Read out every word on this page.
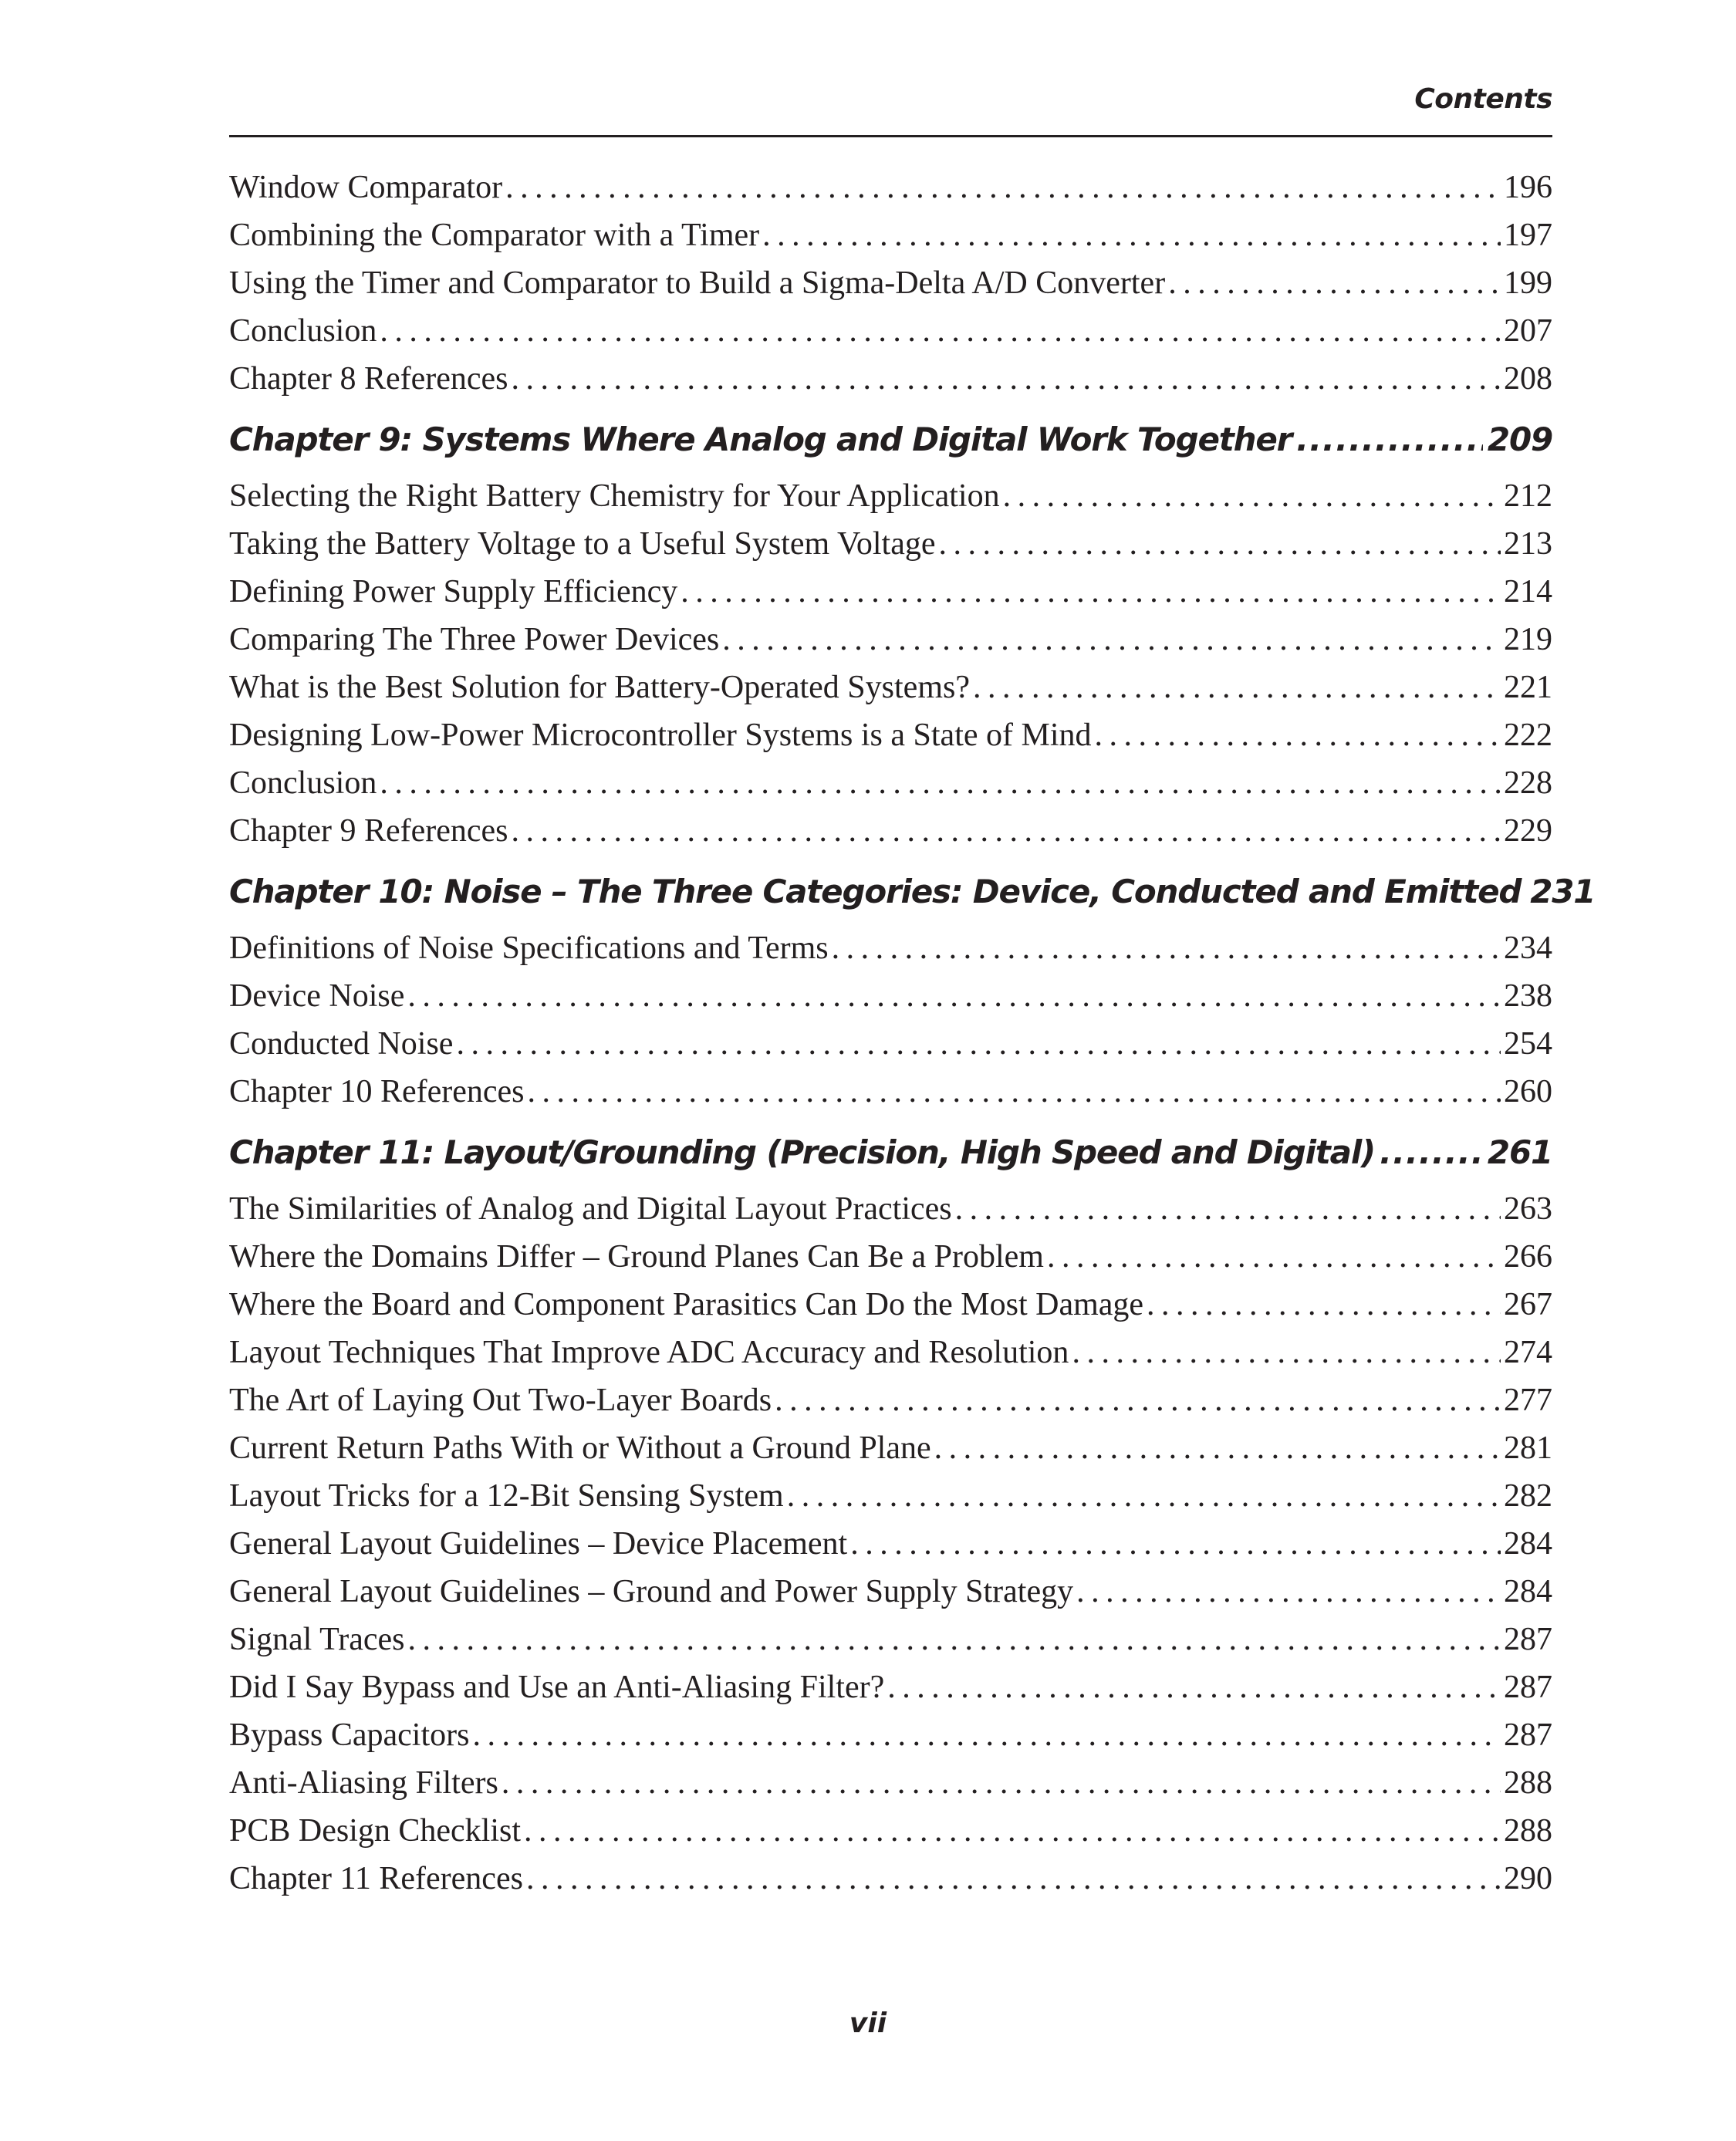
Contents
Window Comparator . . .	196
Combining the Comparator with a Timer . . .	197
Using the Timer and Comparator to Build a Sigma-Delta A/D Converter . . .	199
Conclusion . . .	207
Chapter 8 References . . .	208
Chapter 9: Systems Where Analog and Digital Work Together .....	209
Selecting the Right Battery Chemistry for Your Application . . .	212
Taking the Battery Voltage to a Useful System Voltage . . .	213
Defining Power Supply Efficiency . . .	214
Comparing The Three Power Devices . . .	219
What is the Best Solution for Battery-Operated Systems? . . .	221
Designing Low-Power Microcontroller Systems is a State of Mind . . .	222
Conclusion . . .	228
Chapter 9 References . . .	229
Chapter 10: Noise – The Three Categories: Device, Conducted and Emitted 231
Definitions of Noise Specifications and Terms . . .	234
Device Noise . . .	238
Conducted Noise . . .	254
Chapter 10 References . . .	260
Chapter 11: Layout/Grounding (Precision, High Speed and Digital) .....	261
The Similarities of Analog and Digital Layout Practices . . .	263
Where the Domains Differ – Ground Planes Can Be a Problem . . .	266
Where the Board and Component Parasitics Can Do the Most Damage . . .	267
Layout Techniques That Improve ADC Accuracy and Resolution . . .	274
The Art of Laying Out Two-Layer Boards . . .	277
Current Return Paths With or Without a Ground Plane . . .	281
Layout Tricks for a 12-Bit Sensing System . . .	282
General Layout Guidelines – Device Placement . . .	284
General Layout Guidelines – Ground and Power Supply Strategy . . .	284
Signal Traces . . .	287
Did I Say Bypass and Use an Anti-Aliasing Filter? . . .	287
Bypass Capacitors . . .	287
Anti-Aliasing Filters . . .	288
PCB Design Checklist . . .	288
Chapter 11 References . . .	290
vii
